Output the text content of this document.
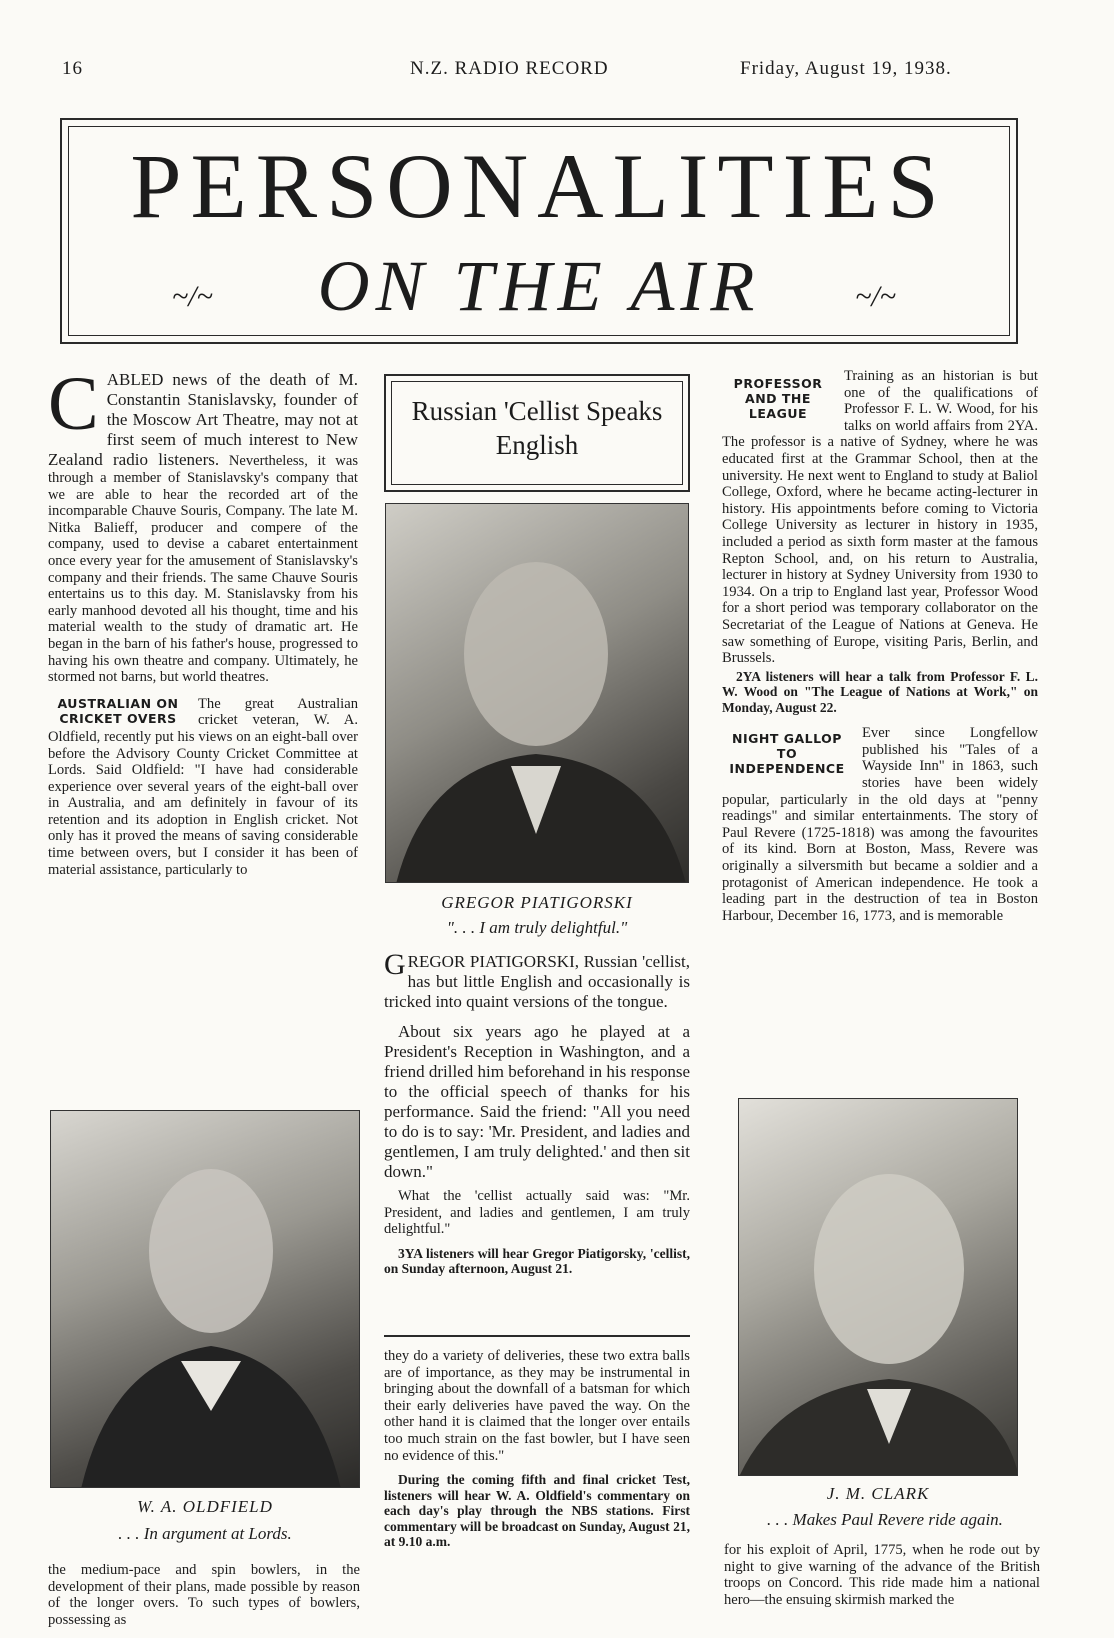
16	N.Z. RADIO RECORD	Friday, August 19, 1938.
PERSONALITIES
~/~	ON THE AIR	~/~
C ABLED news of the death of M. Constantin Stanislavsky, founder of the Moscow Art Theatre, may not at first seem of much interest to New Zealand radio listeners. Nevertheless, it was through a member of Stanislavsky's company that we are able to hear the recorded art of the incomparable Chauve Souris, Company. The late M. Nitka Balieff, producer and compere of the company, used to devise a cabaret entertainment once every year for the amusement of Stanislavsky's company and their friends. The same Chauve Souris entertains us to this day. M. Stanislavsky from his early manhood devoted all his thought, time and his material wealth to the study of dramatic art. He began in the barn of his father's house, progressed to having his own theatre and company. Ultimately, he stormed not barns, but world theatres.
AUSTRALIAN ON CRICKET OVERS
The great Australian cricket veteran, W. A. Oldfield, recently put his views on an eight-ball over before the Advisory County Cricket Committee at Lords. Said Oldfield: "I have had considerable experience over several years of the eight-ball over in Australia, and am definitely in favour of its retention and its adoption in English cricket. Not only has it proved the means of saving considerable time between overs, but I consider it has been of material assistance, particularly to
W. A. OLDFIELD
. . . In argument at Lords.
the medium-pace and spin bowlers, in the development of their plans, made possible by reason of the longer overs. To such types of bowlers, possessing as
Russian 'Cellist Speaks English
GREGOR PIATIGORSKI
". . . I am truly delightful."
G REGOR PIATIGORSKI, Russian 'cellist, has but little English and occasionally is tricked into quaint versions of the tongue.

About six years ago he played at a President's Reception in Washington, and a friend drilled him beforehand in his response to the official speech of thanks for his performance. Said the friend: "All you need to do is to say: 'Mr. President, and ladies and gentlemen, I am truly delighted.' and then sit down."

What the 'cellist actually said was: "Mr. President, and ladies and gentlemen, I am truly delightful."

3YA listeners will hear Gregor Piatigorsky, 'cellist, on Sunday afternoon, August 21.

they do a variety of deliveries, these two extra balls are of importance, as they may be instrumental in bringing about the downfall of a batsman for which their early deliveries have paved the way. On the other hand it is claimed that the longer over entails too much strain on the fast bowler, but I have seen no evidence of this."

During the coming fifth and final cricket Test, listeners will hear W. A. Oldfield's commentary on each day's play through the NBS stations. First commentary will be broadcast on Sunday, August 21, at 9.10 a.m.

PROFESSOR AND THE LEAGUE
Training as an historian is but one of the qualifications of Professor F. L. W. Wood, for his talks on world affairs from 2YA. The professor is a native of Sydney, where he was educated first at the Grammar School, then at the university. He next went to England to study at Baliol College, Oxford, where he became acting-lecturer in history. His appointments before coming to Victoria College University as lecturer in history in 1935, included a period as sixth form master at the famous Repton School, and, on his return to Australia, lecturer in history at Sydney University from 1930 to 1934. On a trip to England last year, Professor Wood for a short period was temporary collaborator on the Secretariat of the League of Nations at Geneva. He saw something of Europe, visiting Paris, Berlin, and Brussels.

2YA listeners will hear a talk from Professor F. L. W. Wood on "The League of Nations at Work," on Monday, August 22.

NIGHT GALLOP TO INDEPENDENCE
Ever since Longfellow published his "Tales of a Wayside Inn" in 1863, such stories have been widely popular, particularly in the old days at "penny readings" and similar entertainments. The story of Paul Revere (1725-1818) was among the favourites of its kind. Born at Boston, Mass, Revere was originally a silversmith but became a soldier and a protagonist of American independence. He took a leading part in the destruction of tea in Boston Harbour, December 16, 1773, and is memorable
J. M. CLARK
. . . Makes Paul Revere ride again.
for his exploit of April, 1775, when he rode out by night to give warning of the advance of the British troops on Concord. This ride made him a national hero—the ensuing skirmish marked the
